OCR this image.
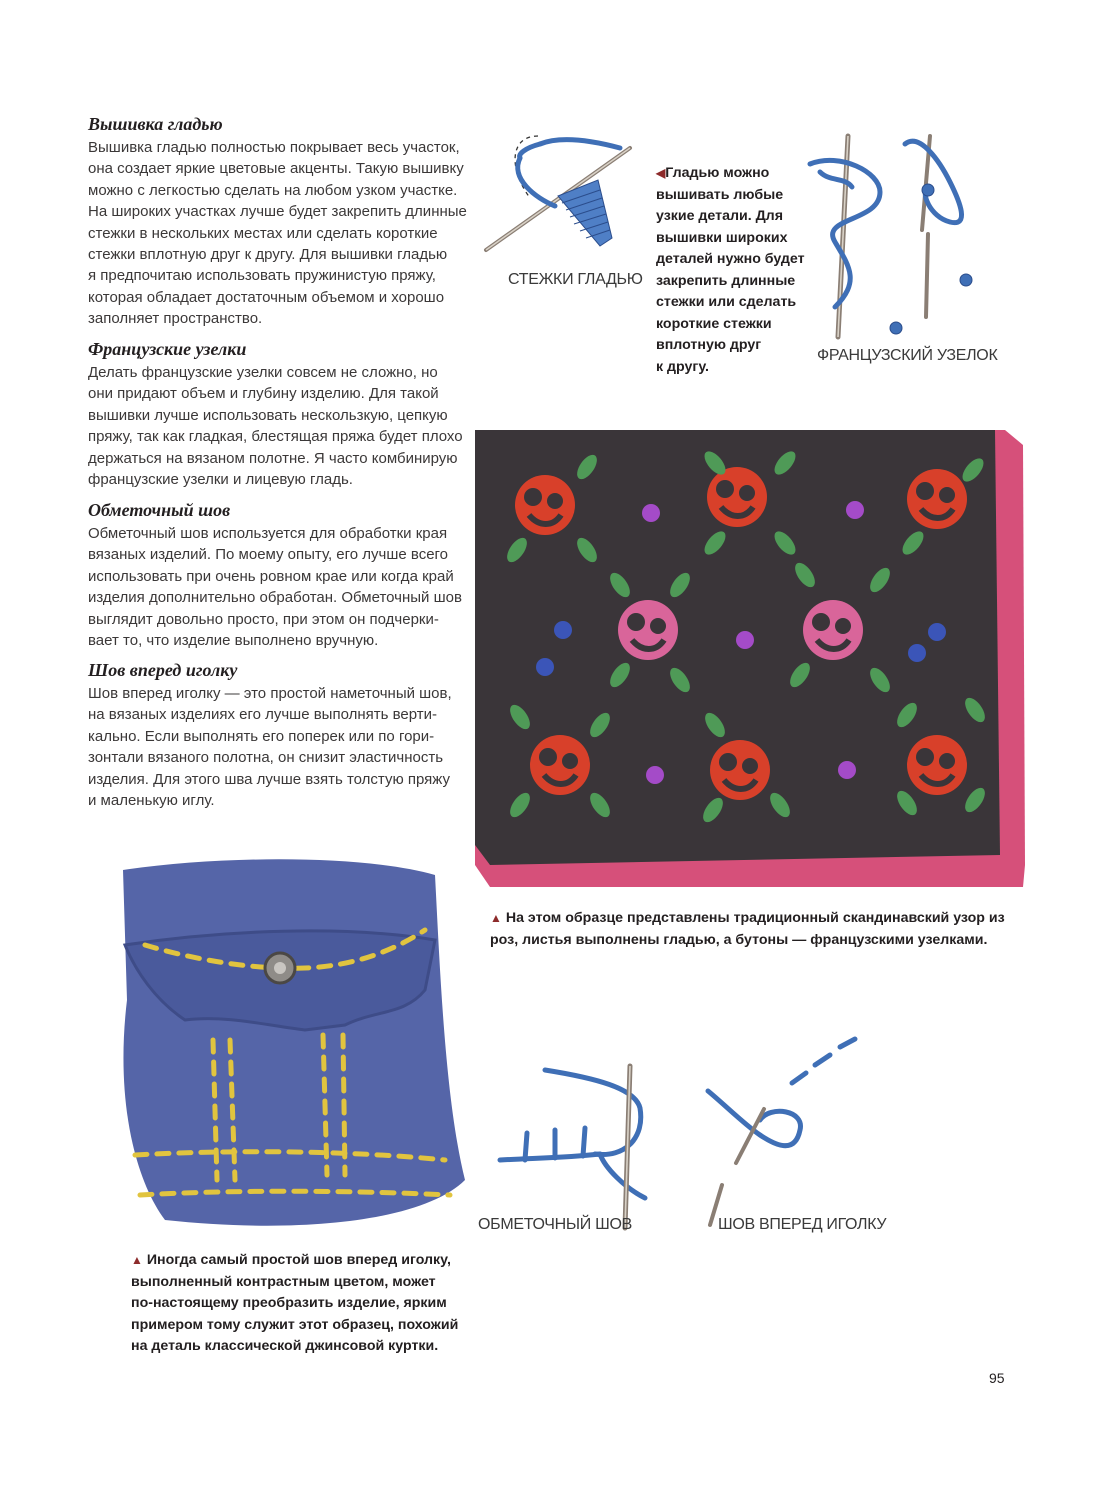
Вышивка гладью
Вышивка гладью полностью покрывает весь участок,
она создает яркие цветовые акценты. Такую вышивку
можно с легкостью сделать на любом узком участке.
На широких участках лучше будет закрепить длинные
стежки в нескольких местах или сделать короткие
стежки вплотную друг к другу. Для вышивки гладью
я предпочитаю использовать пружинистую пряжу,
которая обладает достаточным объемом и хорошо
заполняет пространство.
Французские узелки
Делать французские узелки совсем не сложно, но
они придают объем и глубину изделию. Для такой
вышивки лучше использовать нескользкую, цепкую
пряжу, так как гладкая, блестящая пряжа будет плохо
держаться на вязаном полотне. Я часто комбинирую
французские узелки и лицевую гладь.
Обметочный шов
Обметочный шов используется для обработки края
вязаных изделий. По моему опыту, его лучше всего
использовать при очень ровном крае или когда край
изделия дополнительно обработан. Обметочный шов
выглядит довольно просто, при этом он подчерки-
вает то, что изделие выполнено вручную.
Шов вперед иголку
Шов вперед иголку — это простой наметочный шов,
на вязаных изделиях его лучше выполнять верти-
кально. Если выполнять его поперек или по гори-
зонтали вязаного полотна, он снизит эластичность
изделия. Для этого шва лучше взять толстую пряжу
и маленькую иглу.
СТЕЖКИ ГЛАДЬЮ
◀Гладью можно
вышивать любые
узкие детали. Для
вышивки широких
деталей нужно будет
закрепить длинные
стежки или сделать
короткие стежки
вплотную друг
к другу.
ФРАНЦУЗСКИЙ УЗЕЛОК
▲ На этом образце представлены традиционный скандинавский узор из
роз, листья выполнены гладью, а бутоны — французскими узелками.
▲ Иногда самый простой шов вперед иголку,
выполненный контрастным цветом, может
по-настоящему преобразить изделие, ярким
примером тому служит этот образец, похожий
на деталь классической джинсовой куртки.
ОБМЕТОЧНЫЙ ШОВ	ШОВ ВПЕРЕД ИГОЛКУ
95
